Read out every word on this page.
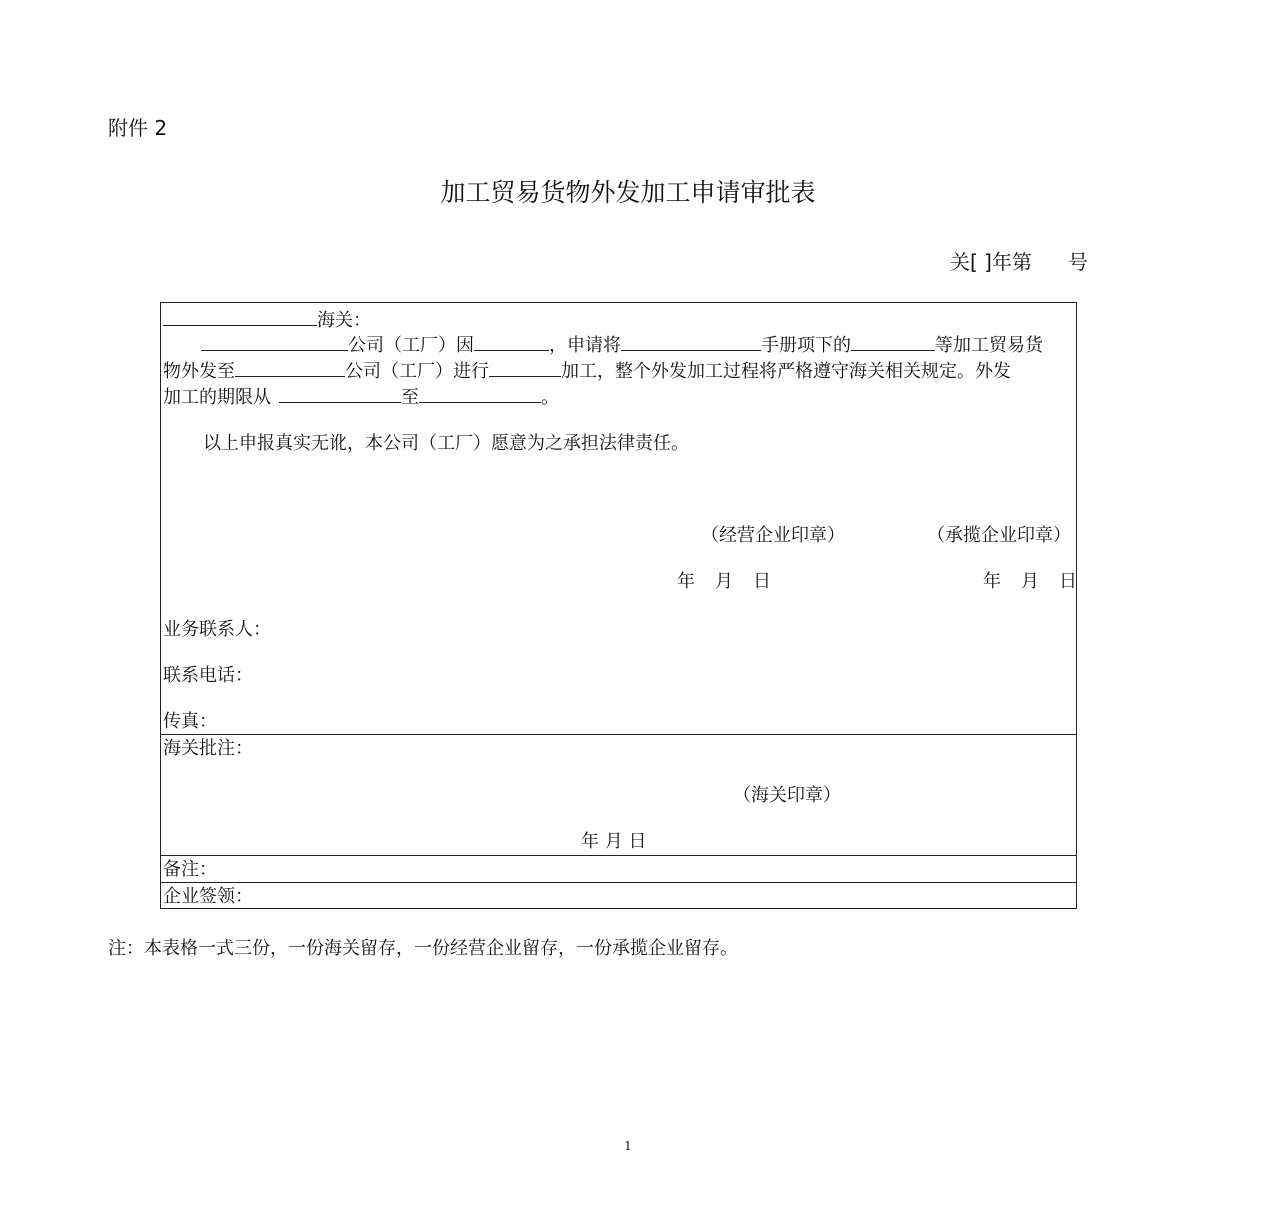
附件 2
加工贸易货物外发加工申请审批表
关[ ]年第 号
海关：
公司（工厂）因	，申请将	手册项下的	等加工贸易货
物外发至	公司（工厂）进行	加工，整个外发加工过程将严格遵守海关相关规定。外发
加工的期限从	至	。
以上申报真实无讹，本公司（工厂）愿意为之承担法律责任。
（经营企业印章）	（承揽企业印章）
年 月 日	年 月 日
业务联系人：
联系电话：
传真：
海关批注：
（海关印章）
年 月 日
备注：
企业签领：
注：本表格一式三份，一份海关留存，一份经营企业留存，一份承揽企业留存。
1
